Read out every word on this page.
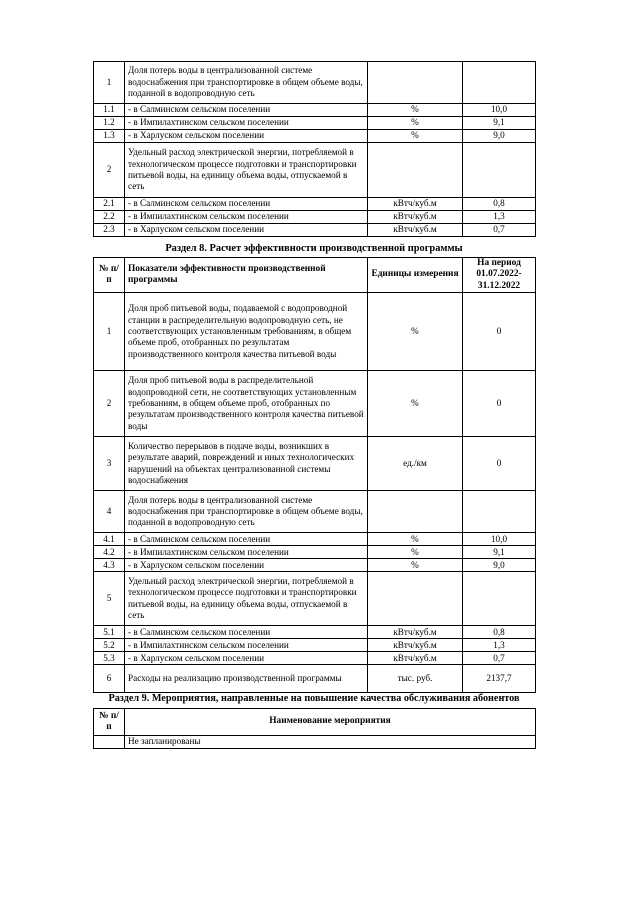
1	Доля потерь воды в централизованной системе водоснабжения при транспортировке в общем объеме воды, поданной в водопроводную сеть		
1.1	- в Салминском сельском поселении	%	10,0
1.2	- в Импилахтинском сельском поселении	%	9,1
1.3	- в Харлуском сельском поселении	%	9,0
2	Удельный расход электрической энергии, потребляемой в технологическом процессе подготовки и транспортировки питьевой воды, на единицу объема воды, отпускаемой в сеть		
2.1	- в Салминском сельском поселении	кВтч/куб.м	0,8
2.2	- в Импилахтинском сельском поселении	кВтч/куб.м	1,3
2.3	- в Харлуском сельском поселении	кВтч/куб.м	0,7
Раздел 8. Расчет эффективности производственной программы
№ п/п	Показатели эффективности производственной программы	Единицы измерения	На период 01.07.2022-31.12.2022
1	Доля проб питьевой воды, подаваемой с водопроводной станции в распределительную водопроводную сеть, не соответствующих установленным требованиям, в общем объеме проб, отобранных по результатам производственного контроля качества питьевой воды	%	0
2	Доля проб питьевой воды в распределительной водопроводной сети, не соответствующих установленным требованиям, в общем объеме проб, отобранных по результатам производственного контроля качества питьевой воды	%	0
3	Количество перерывов в подаче воды, возникших в результате аварий, повреждений и иных технологических нарушений на объектах централизованной системы водоснабжения	ед./км	0
4	Доля потерь воды в централизованной системе водоснабжения при транспортировке в общем объеме воды, поданной в водопроводную сеть		
4.1	- в Салминском сельском поселении	%	10,0
4.2	- в Импилахтинском сельском поселении	%	9,1
4.3	- в Харлуском сельском поселении	%	9,0
5	Удельный расход электрической энергии, потребляемой в технологическом процессе подготовки и транспортировки питьевой воды, на единицу объема воды, отпускаемой в сеть		
5.1	- в Салминском сельском поселении	кВтч/куб.м	0,8
5.2	- в Импилахтинском сельском поселении	кВтч/куб.м	1,3
5.3	- в Харлуском сельском поселении	кВтч/куб.м	0,7
6	Расходы на реализацию производственной программы	тыс. руб.	2137,7
Раздел 9. Мероприятия, направленные на повышение качества обслуживания абонентов
№ п/п	Наименование мероприятия
	Не запланированы
